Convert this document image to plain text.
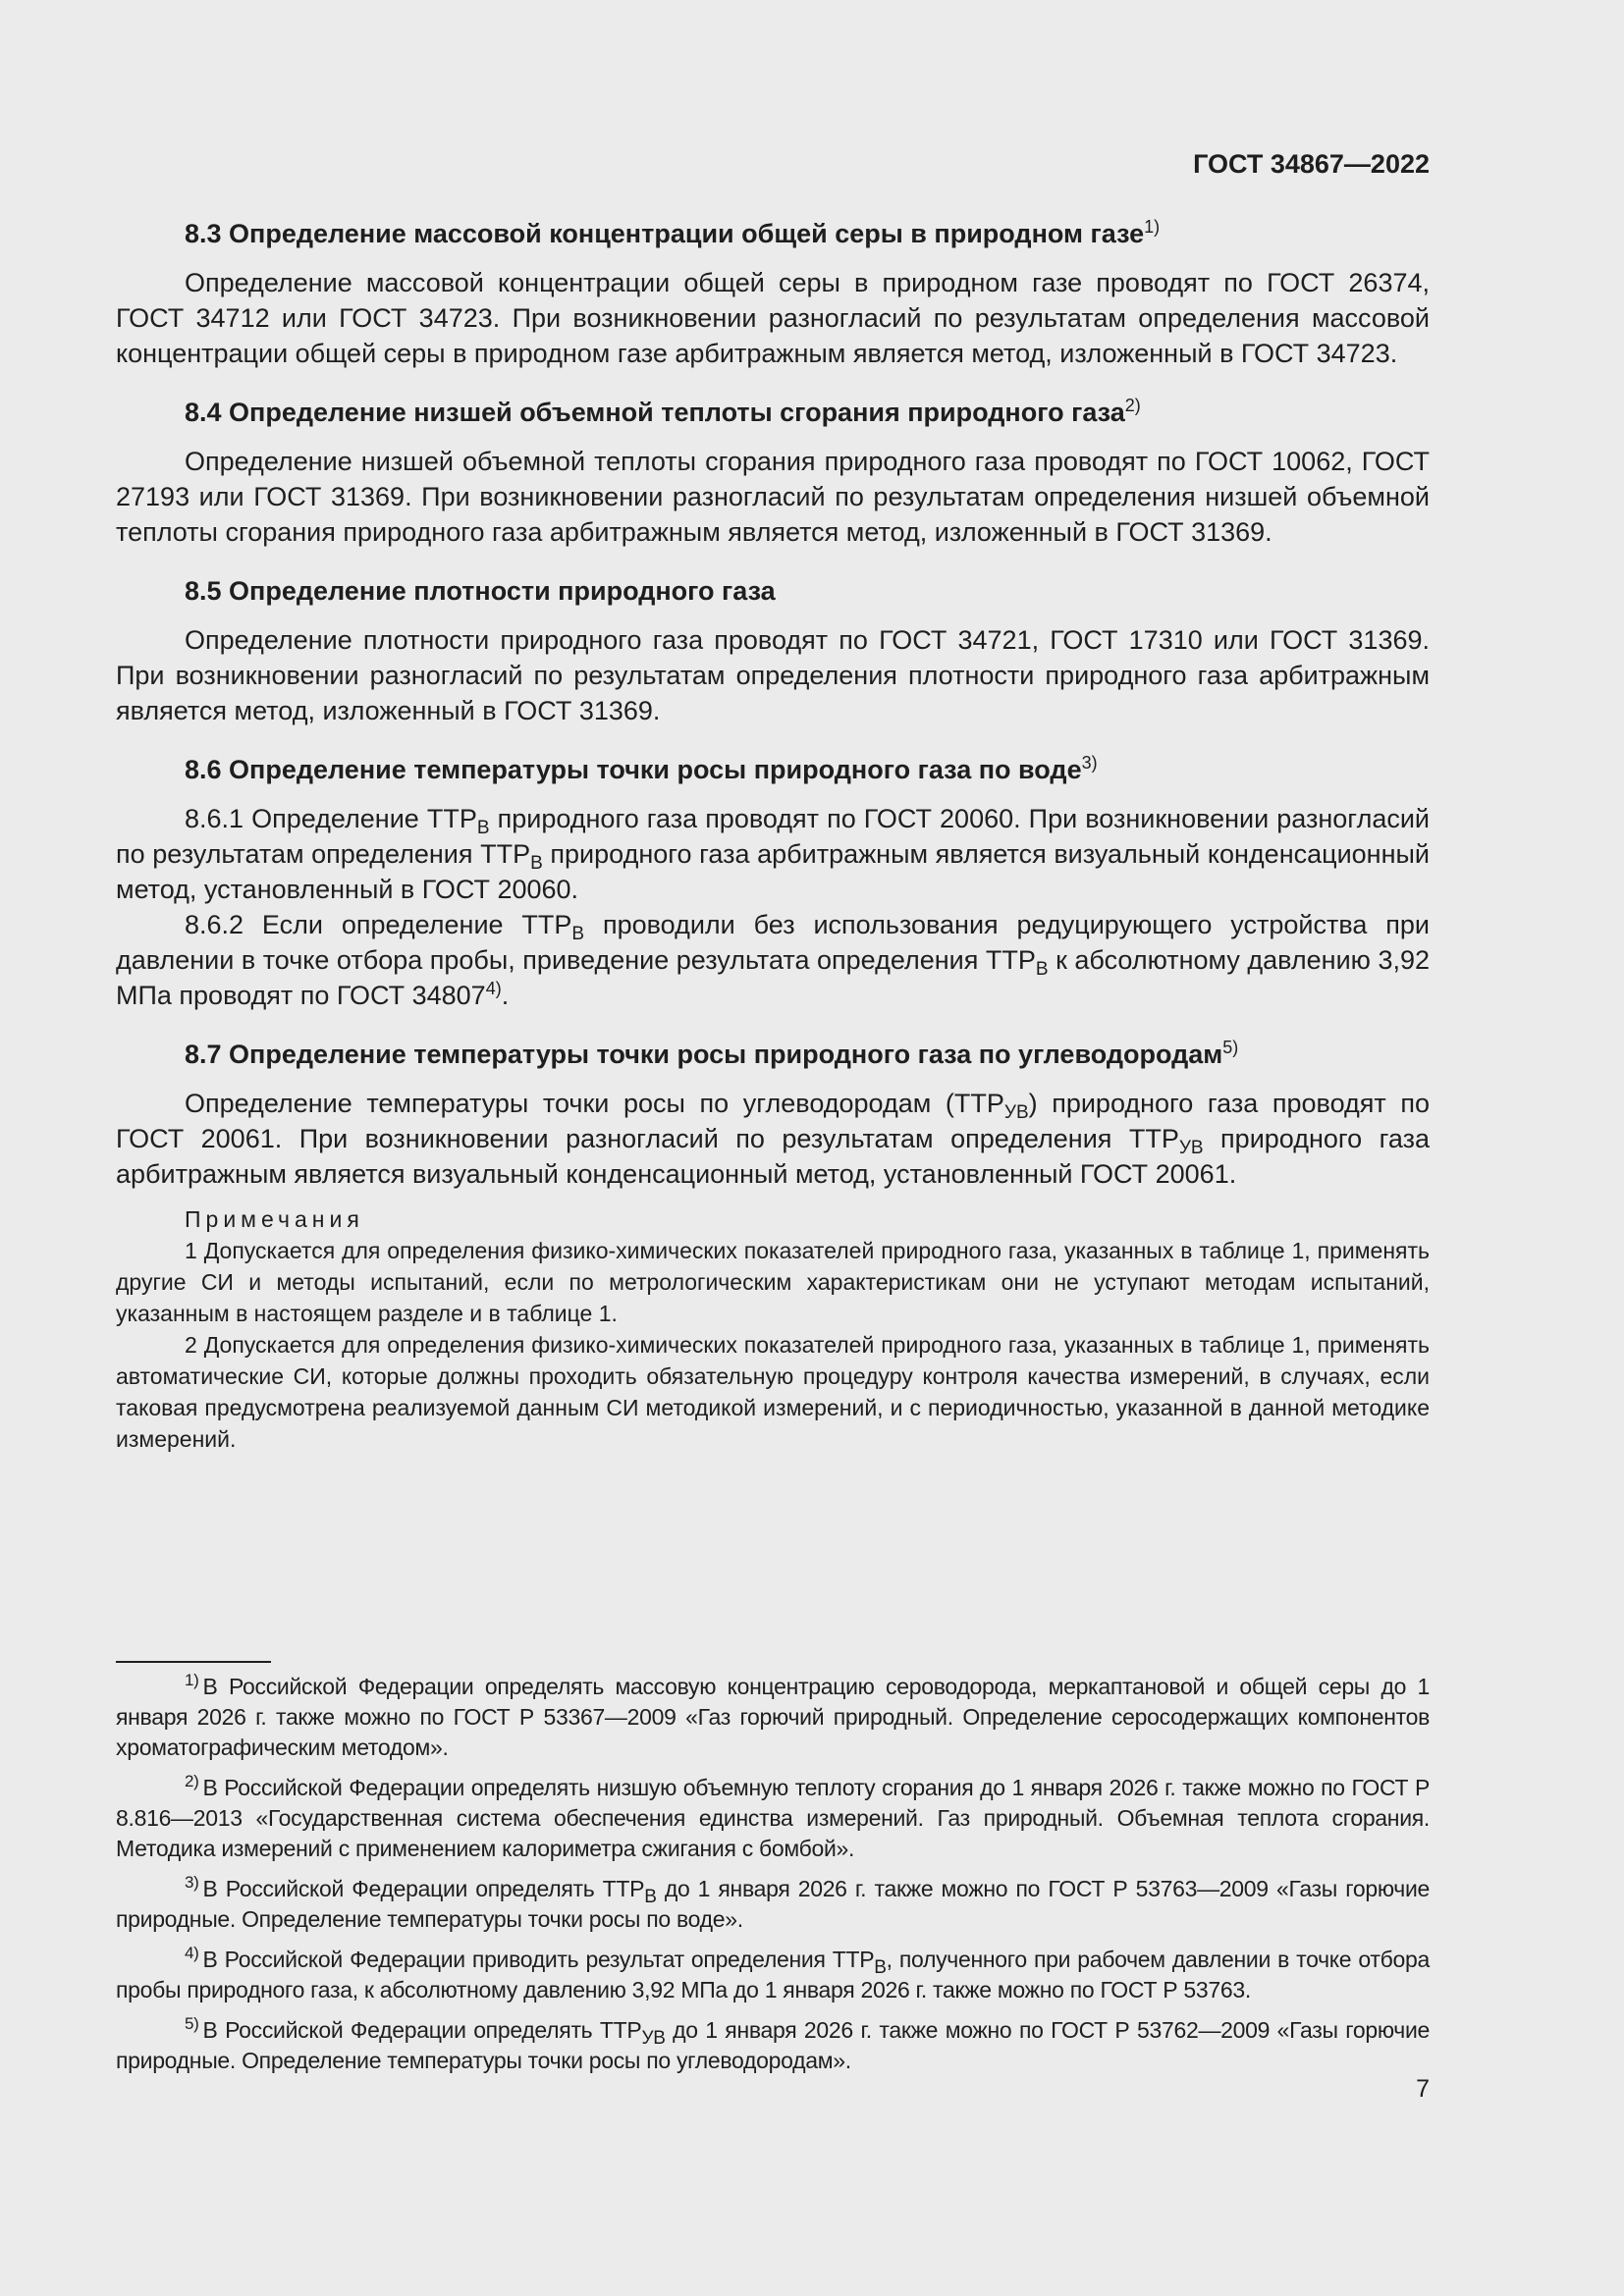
ГОСТ 34867—2022
8.3 Определение массовой концентрации общей серы в природном газе$^{1)}$

Определение массовой концентрации общей серы в природном газе проводят по ГОСТ 26374, ГОСТ 34712 или ГОСТ 34723. При возникновении разногласий по результатам определения массовой концентрации общей серы в природном газе арбитражным является метод, изложенный в ГОСТ 34723.

8.4 Определение низшей объемной теплоты сгорания природного газа$^{2)}$

Определение низшей объемной теплоты сгорания природного газа проводят по ГОСТ 10062, ГОСТ 27193 или ГОСТ 31369. При возникновении разногласий по результатам определения низшей объемной теплоты сгорания природного газа арбитражным является метод, изложенный в ГОСТ 31369.

8.5 Определение плотности природного газа

Определение плотности природного газа проводят по ГОСТ 34721, ГОСТ 17310 или ГОСТ 31369. При возникновении разногласий по результатам определения плотности природного газа арбитражным является метод, изложенный в ГОСТ 31369.

8.6 Определение температуры точки росы природного газа по воде$^{3)}$

8.6.1 Определение $ТТР_В$ природного газа проводят по ГОСТ 20060. При возникновении разногласий по результатам определения $ТТР_В$ природного газа арбитражным является визуальный конденсационный метод, установленный в ГОСТ 20060.

8.6.2 Если определение $ТТР_В$ проводили без использования редуцирующего устройства при давлении в точке отбора пробы, приведение результата определения $ТТР_В$ к абсолютному давлению 3,92 МПа проводят по ГОСТ 34807$^{4)}$.

8.7 Определение температуры точки росы природного газа по углеводородам$^{5)}$

Определение температуры точки росы по углеводородам $(ТТР_{УВ})$ природного газа проводят по ГОСТ 20061. При возникновении разногласий по результатам определения $ТТР_{УВ}$ природного газа арбитражным является визуальный конденсационный метод, установленный ГОСТ 20061.

Примечания

1 Допускается для определения физико-химических показателей природного газа, указанных в таблице 1, применять другие СИ и методы испытаний, если по метрологическим характеристикам они не уступают методам испытаний, указанным в настоящем разделе и в таблице 1.

2 Допускается для определения физико-химических показателей природного газа, указанных в таблице 1, применять автоматические СИ, которые должны проходить обязательную процедуру контроля качества измерений, в случаях, если таковая предусмотрена реализуемой данным СИ методикой измерений, и с периодичностью, указанной в данной методике измерений.

$^{1)}$ В Российской Федерации определять массовую концентрацию сероводорода, меркаптановой и общей серы до 1 января 2026 г. также можно по ГОСТ Р 53367—2009 «Газ горючий природный. Определение серосодержащих компонентов хроматографическим методом».

$^{2)}$ В Российской Федерации определять низшую объемную теплоту сгорания до 1 января 2026 г. также можно по ГОСТ Р 8.816—2013 «Государственная система обеспечения единства измерений. Газ природный. Объемная теплота сгорания. Методика измерений с применением калориметра сжигания с бомбой».

$^{3)}$ В Российской Федерации определять $ТТР_В$ до 1 января 2026 г. также можно по ГОСТ Р 53763—2009 «Газы горючие природные. Определение температуры точки росы по воде».

$^{4)}$ В Российской Федерации приводить результат определения $ТТР_В$, полученного при рабочем давлении в точке отбора пробы природного газа, к абсолютному давлению 3,92 МПа до 1 января 2026 г. также можно по ГОСТ Р 53763.

$^{5)}$ В Российской Федерации определять $ТТР_{УВ}$ до 1 января 2026 г. также можно по ГОСТ Р 53762—2009 «Газы горючие природные. Определение температуры точки росы по углеводородам».

7
